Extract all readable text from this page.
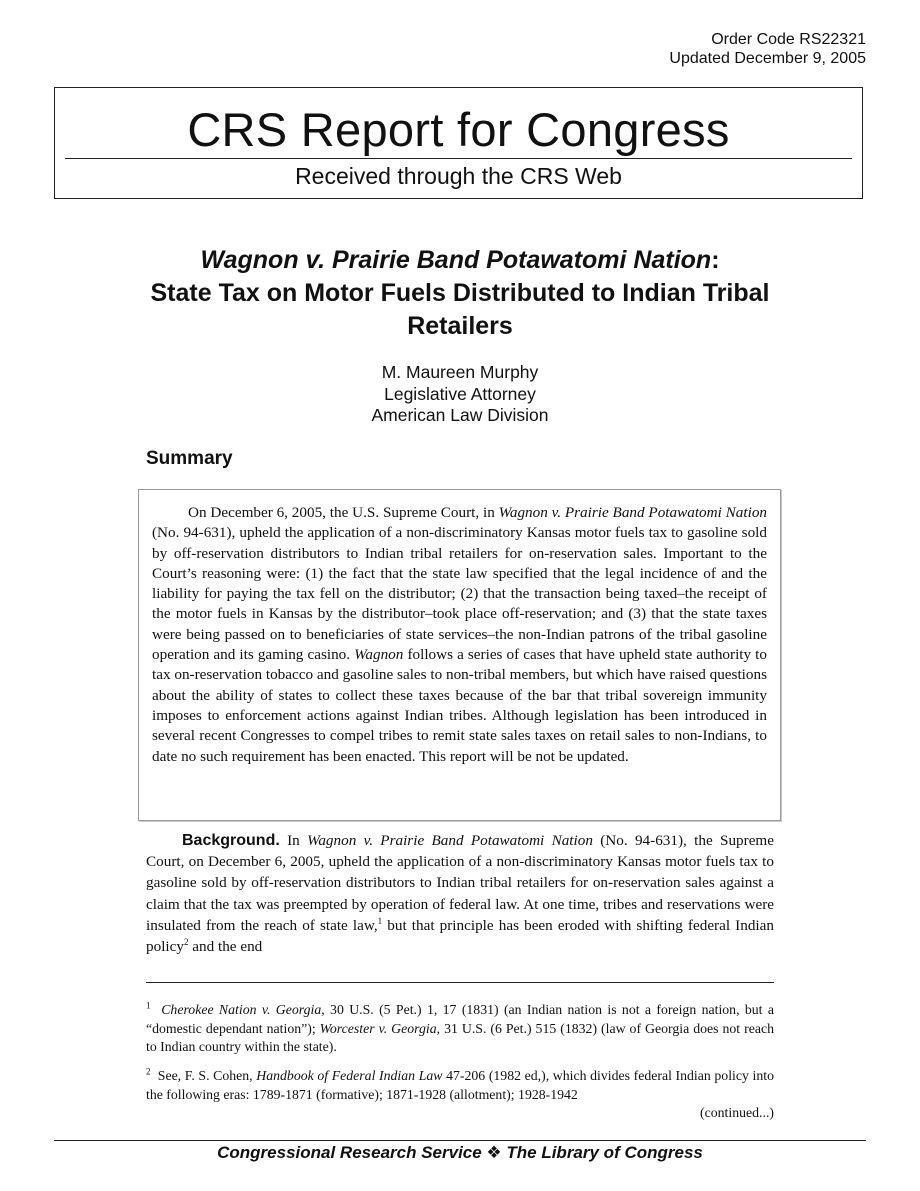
Order Code RS22321
Updated December 9, 2005
CRS Report for Congress
Received through the CRS Web
Wagnon v. Prairie Band Potawatomi Nation:
State Tax on Motor Fuels Distributed to Indian Tribal Retailers
M. Maureen Murphy
Legislative Attorney
American Law Division
Summary

On December 6, 2005, the U.S. Supreme Court, in Wagnon v. Prairie Band Potawatomi Nation (No. 94-631), upheld the application of a non-discriminatory Kansas motor fuels tax to gasoline sold by off-reservation distributors to Indian tribal retailers for on-reservation sales. Important to the Court’s reasoning were: (1) the fact that the state law specified that the legal incidence of and the liability for paying the tax fell on the distributor; (2) that the transaction being taxed–the receipt of the motor fuels in Kansas by the distributor–took place off-reservation; and (3) that the state taxes were being passed on to beneficiaries of state services–the non-Indian patrons of the tribal gasoline operation and its gaming casino. Wagnon follows a series of cases that have upheld state authority to tax on-reservation tobacco and gasoline sales to non-tribal members, but which have raised questions about the ability of states to collect these taxes because of the bar that tribal sovereign immunity imposes to enforcement actions against Indian tribes. Although legislation has been introduced in several recent Congresses to compel tribes to remit state sales taxes on retail sales to non-Indians, to date no such requirement has been enacted. This report will be not be updated.

Background. In Wagnon v. Prairie Band Potawatomi Nation (No. 94-631), the Supreme Court, on December 6, 2005, upheld the application of a non-discriminatory Kansas motor fuels tax to gasoline sold by off-reservation distributors to Indian tribal retailers for on-reservation sales against a claim that the tax was preempted by operation of federal law. At one time, tribes and reservations were insulated from the reach of state law,$^1$ but that principle has been eroded with shifting federal Indian policy$^2$ and the end

$^1$ Cherokee Nation v. Georgia, 30 U.S. (5 Pet.) 1, 17 (1831) (an Indian nation is not a foreign nation, but a “domestic dependant nation”); Worcester v. Georgia, 31 U.S. (6 Pet.) 515 (1832) (law of Georgia does not reach to Indian country within the state).

$^2$ See, F. S. Cohen, Handbook of Federal Indian Law 47-206 (1982 ed,), which divides federal Indian policy into the following eras: 1789-1871 (formative); 1871-1928 (allotment); 1928-1942

(continued...)
Congressional Research Service ❖ The Library of Congress
